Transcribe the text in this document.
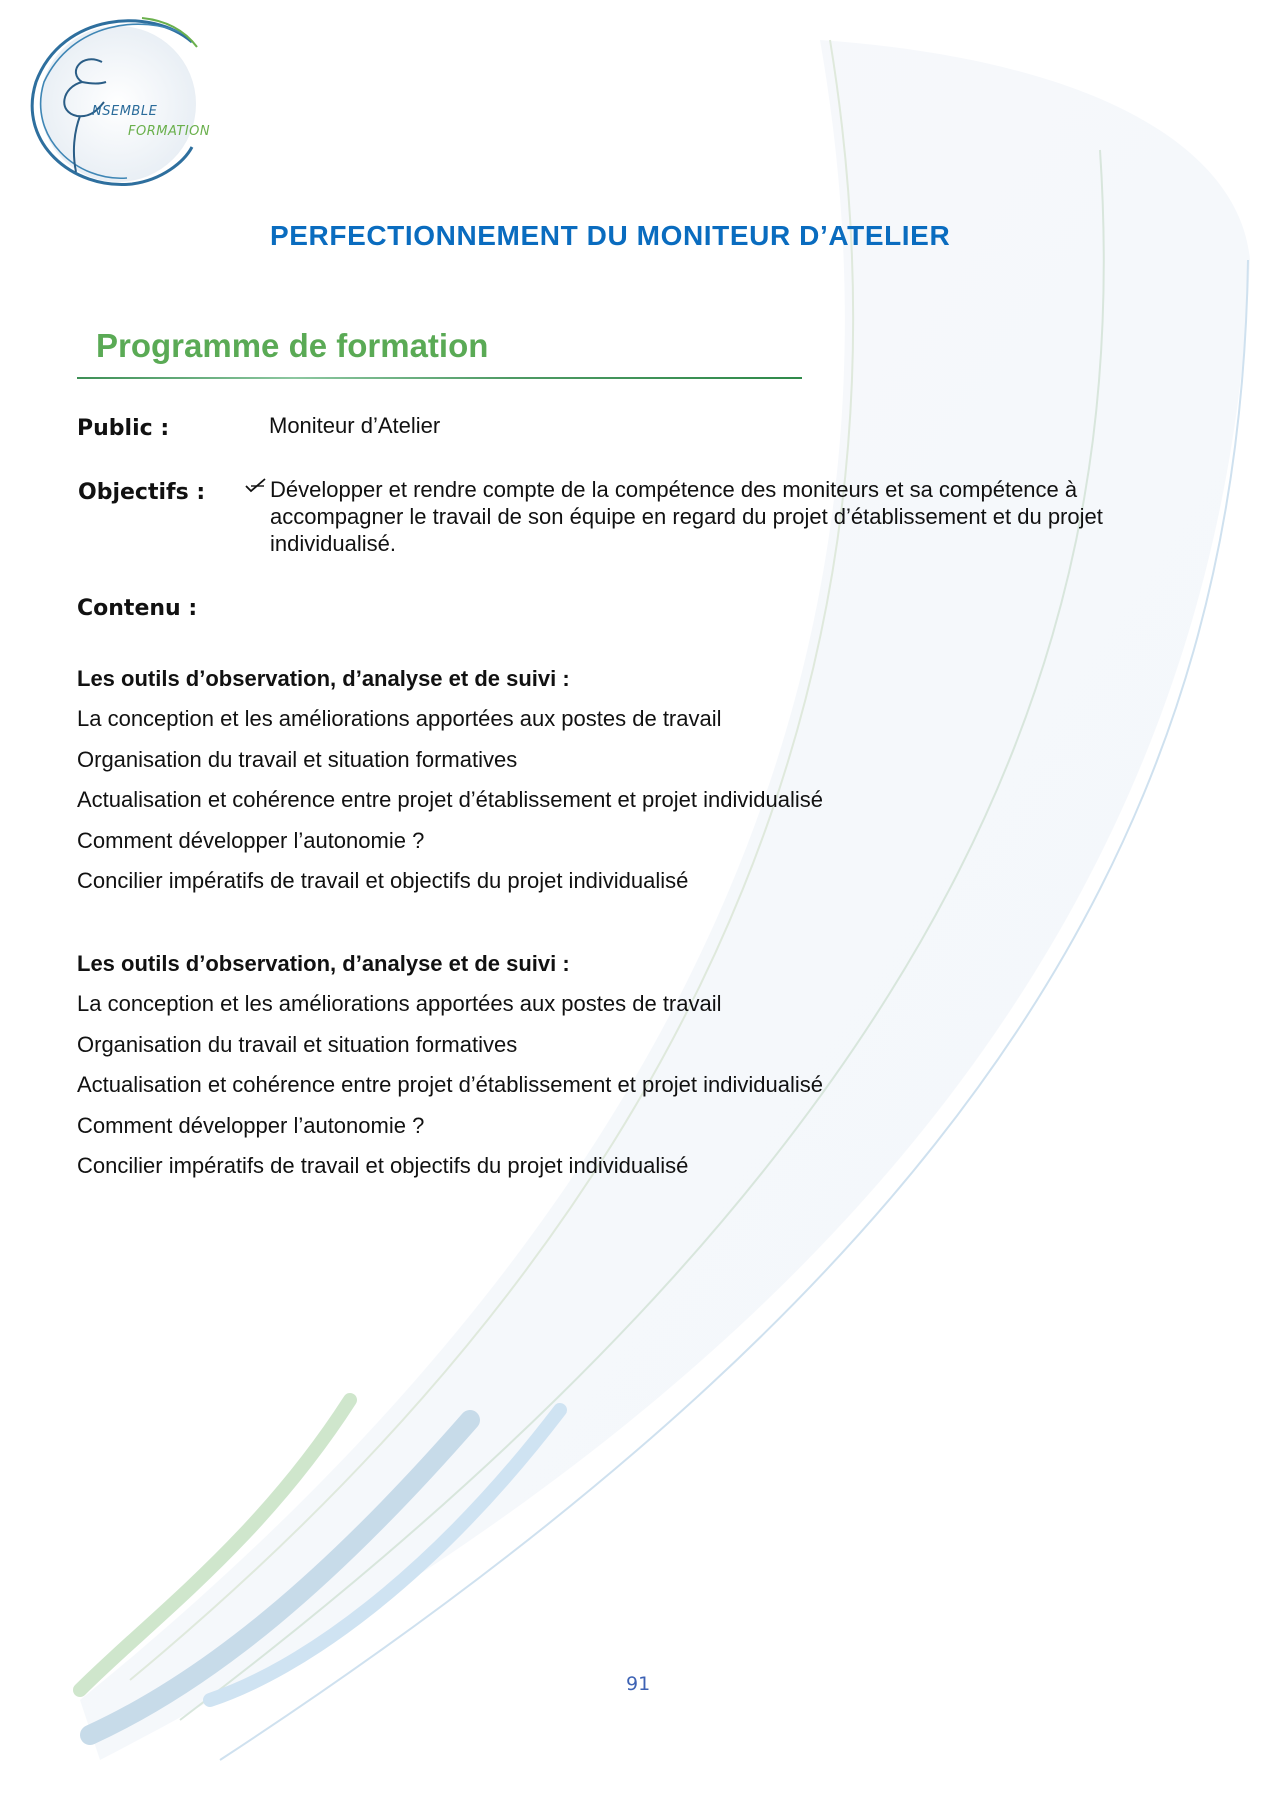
NSEMBLE
FORMATION
PERFECTIONNEMENT DU MONITEUR D’ATELIER
Programme de formation
Public :	Moniteur d’Atelier
Objectifs :	Développer et rendre compte de la compétence des moniteurs et sa compétence à
accompagner le travail de son équipe en regard du projet d’établissement et du projet
individualisé.
Contenu :
Les outils d’observation, d’analyse et de suivi :
La conception et les améliorations apportées aux postes de travail
Organisation du travail et situation formatives
Actualisation et cohérence entre projet d’établissement et projet individualisé
Comment développer l’autonomie ?
Concilier impératifs de travail et objectifs du projet individualisé
Les outils d’observation, d’analyse et de suivi :
La conception et les améliorations apportées aux postes de travail
Organisation du travail et situation formatives
Actualisation et cohérence entre projet d’établissement et projet individualisé
Comment développer l’autonomie ?
Concilier impératifs de travail et objectifs du projet individualisé
91
